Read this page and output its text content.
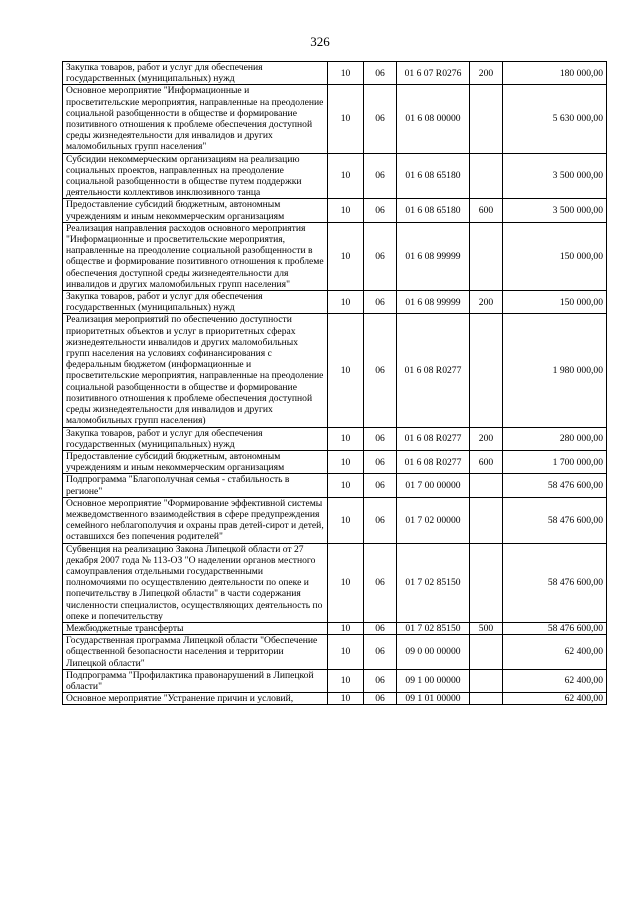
326
Закупка товаров, работ и услуг для обеспечения государственных (муниципальных) нужд	10	06	01 6 07 R0276	200	180 000,00
Основное мероприятие "Информационные и просветительские мероприятия, направленные на преодоление социальной разобщенности в обществе и формирование позитивного отношения к проблеме обеспечения доступной среды жизнедеятельности для инвалидов и других маломобильных групп населения"	10	06	01 6 08 00000		5 630 000,00
Субсидии некоммерческим организациям на реализацию социальных проектов, направленных на преодоление социальной разобщенности в обществе путем поддержки деятельности коллективов инклюзивного танца	10	06	01 6 08 65180		3 500 000,00
Предоставление субсидий бюджетным, автономным учреждениям и иным некоммерческим организациям	10	06	01 6 08 65180	600	3 500 000,00
Реализация направления расходов основного мероприятия "Информационные и просветительские мероприятия, направленные на преодоление социальной разобщенности в обществе и формирование позитивного отношения к проблеме обеспечения доступной среды жизнедеятельности для инвалидов и других маломобильных групп населения"	10	06	01 6 08 99999		150 000,00
Закупка товаров, работ и услуг для обеспечения государственных (муниципальных) нужд	10	06	01 6 08 99999	200	150 000,00
Реализация мероприятий по обеспечению доступности приоритетных объектов и услуг в приоритетных сферах жизнедеятельности инвалидов и других маломобильных групп населения на условиях софинансирования с федеральным бюджетом (информационные и просветительские мероприятия, направленные на преодоление социальной разобщенности в обществе и формирование позитивного отношения к проблеме обеспечения доступной среды жизнедеятельности для инвалидов и других маломобильных групп населения)	10	06	01 6 08 R0277		1 980 000,00
Закупка товаров, работ и услуг для обеспечения государственных (муниципальных) нужд	10	06	01 6 08 R0277	200	280 000,00
Предоставление субсидий бюджетным, автономным учреждениям и иным некоммерческим организациям	10	06	01 6 08 R0277	600	1 700 000,00
Подпрограмма "Благополучная семья - стабильность в регионе"	10	06	01 7 00 00000		58 476 600,00
Основное мероприятие "Формирование эффективной системы межведомственного взаимодействия в сфере предупреждения семейного неблагополучия и охраны прав детей-сирот и детей, оставшихся без попечения родителей"	10	06	01 7 02 00000		58 476 600,00
Субвенция на реализацию Закона Липецкой области от 27 декабря 2007 года № 113-ОЗ "О наделении органов местного самоуправления отдельными государственными полномочиями по осуществлению деятельности по опеке и попечительству в Липецкой области" в части содержания численности специалистов, осуществляющих деятельность по опеке и попечительству	10	06	01 7 02 85150		58 476 600,00
Межбюджетные трансферты	10	06	01 7 02 85150	500	58 476 600,00
Государственная программа Липецкой области "Обеспечение общественной безопасности населения и территории Липецкой области"	10	06	09 0 00 00000		62 400,00
Подпрограмма "Профилактика правонарушений в Липецкой области"	10	06	09 1 00 00000		62 400,00
Основное мероприятие "Устранение причин и условий,	10	06	09 1 01 00000		62 400,00
